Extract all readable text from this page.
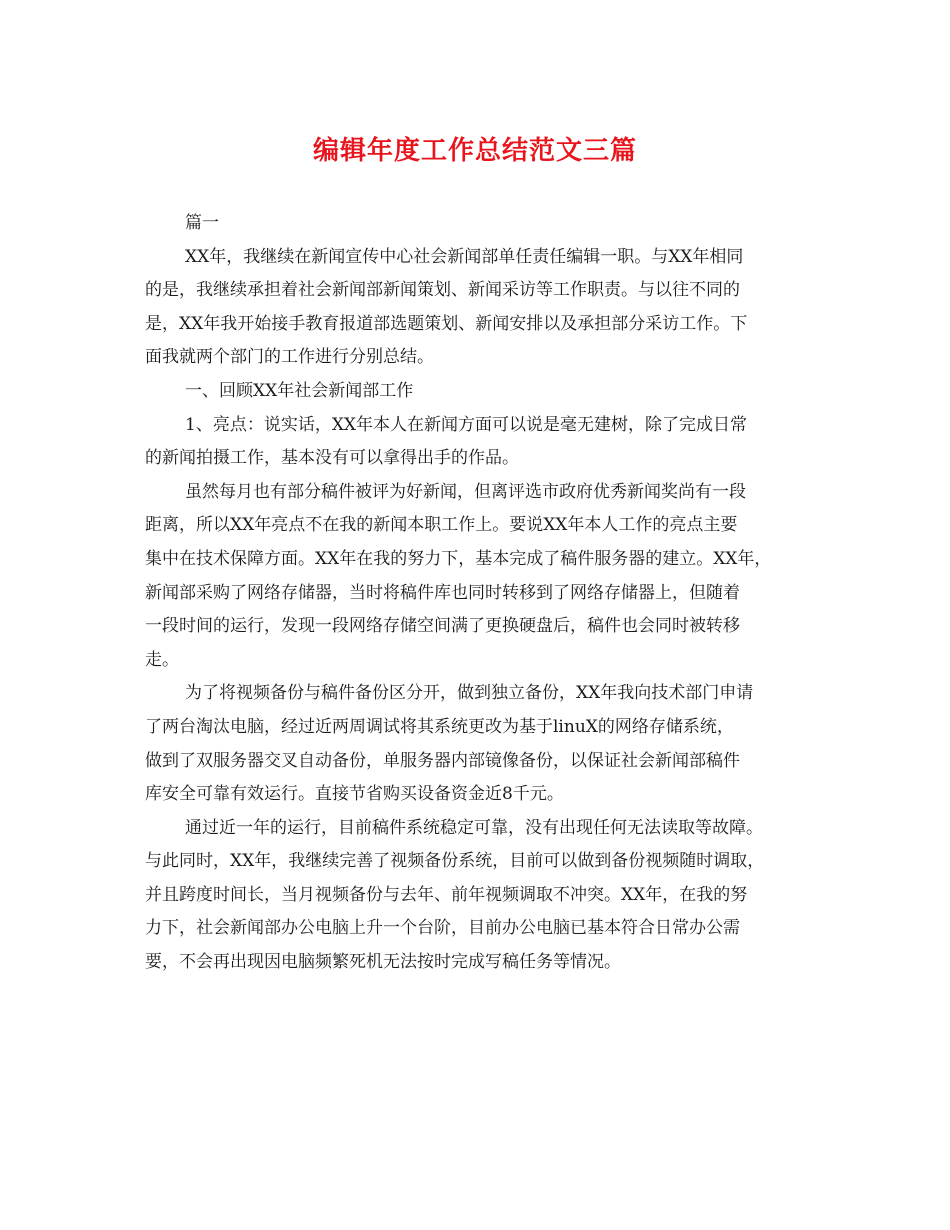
编辑年度工作总结范文三篇
篇一
XX年，我继续在新闻宣传中心社会新闻部单任责任编辑一职。与XX年相同
的是，我继续承担着社会新闻部新闻策划、新闻采访等工作职责。与以往不同的
是，XX年我开始接手教育报道部选题策划、新闻安排以及承担部分采访工作。下
面我就两个部门的工作进行分别总结。
一、回顾XX年社会新闻部工作
1、亮点：说实话，XX年本人在新闻方面可以说是毫无建树，除了完成日常
的新闻拍摄工作，基本没有可以拿得出手的作品。
虽然每月也有部分稿件被评为好新闻，但离评选市政府优秀新闻奖尚有一段
距离，所以XX年亮点不在我的新闻本职工作上。要说XX年本人工作的亮点主要
集中在技术保障方面。XX年在我的努力下，基本完成了稿件服务器的建立。XX年，
新闻部采购了网络存储器，当时将稿件库也同时转移到了网络存储器上，但随着
一段时间的运行，发现一段网络存储空间满了更换硬盘后，稿件也会同时被转移
走。
为了将视频备份与稿件备份区分开，做到独立备份，XX年我向技术部门申请
了两台淘汰电脑，经过近两周调试将其系统更改为基于linuX的网络存储系统，
做到了双服务器交叉自动备份，单服务器内部镜像备份，以保证社会新闻部稿件
库安全可靠有效运行。直接节省购买设备资金近8千元。
通过近一年的运行，目前稿件系统稳定可靠，没有出现任何无法读取等故障。
与此同时，XX年，我继续完善了视频备份系统，目前可以做到备份视频随时调取，
并且跨度时间长，当月视频备份与去年、前年视频调取不冲突。XX年，在我的努
力下，社会新闻部办公电脑上升一个台阶，目前办公电脑已基本符合日常办公需
要，不会再出现因电脑频繁死机无法按时完成写稿任务等情况。
